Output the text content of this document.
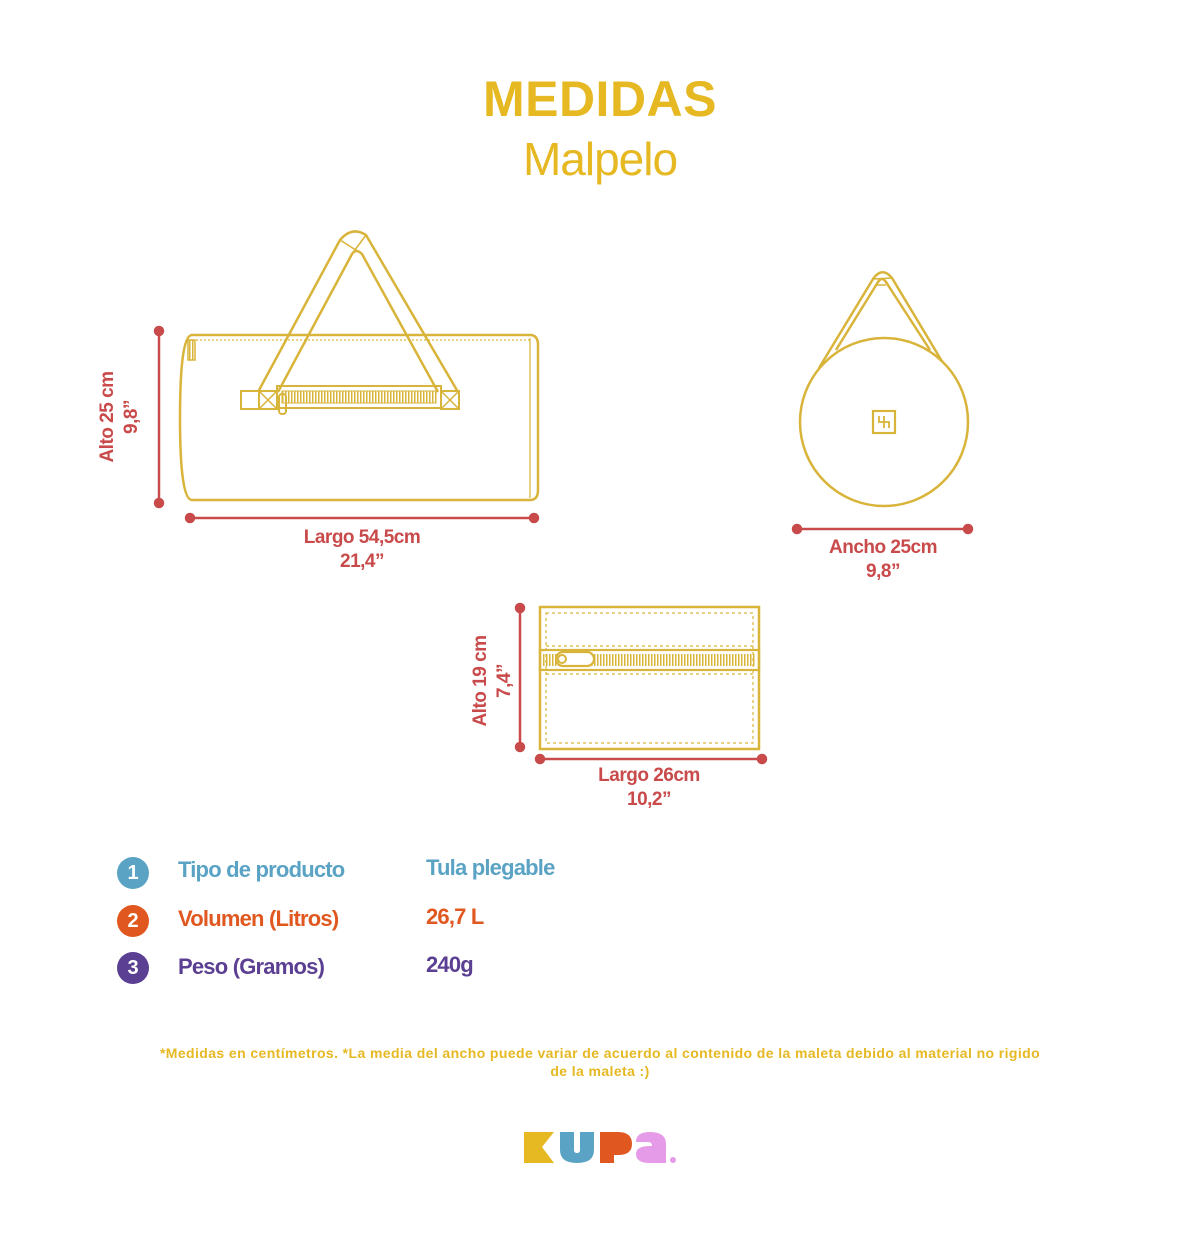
MEDIDAS
Malpelo
Alto 25 cm 9,8”
Largo 54,5cm
21,4”
Ancho 25cm
9,8”
Alto 19 cm 7,4”
Largo 26cm
10,2”
1	Tipo de producto	Tula plegable
2	Volumen (Litros)	26,7 L
3	Peso (Gramos)	240g
*Medidas en centímetros. *La media del ancho puede variar de acuerdo al contenido de la maleta debido al material no rigido
de la maleta :)
